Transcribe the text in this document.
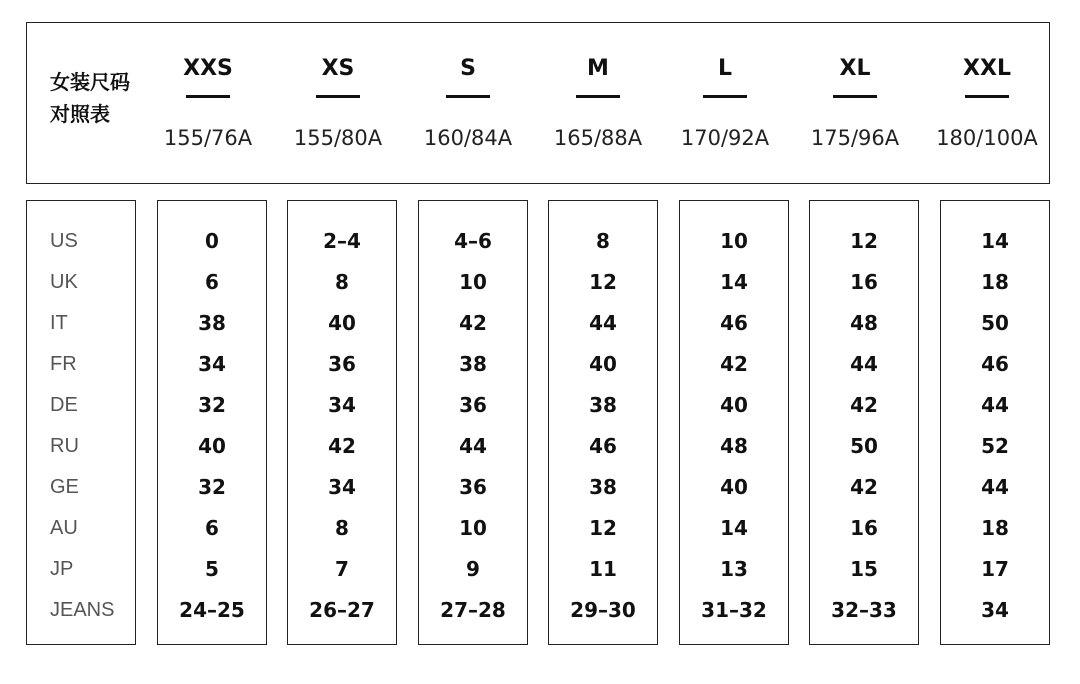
女装尺码
对照表
XXS
155/76A
XS
155/80A
S
160/84A
M
165/88A
L
170/92A
XL
175/96A
XXL
180/100A
US
UK
IT
FR
DE
RU
GE
AU
JP
JEANS
0
6
38
34
32
40
32
6
5
24–25
2–4
8
40
36
34
42
34
8
7
26–27
4–6
10
42
38
36
44
36
10
9
27–28
8
12
44
40
38
46
38
12
11
29–30
10
14
46
42
40
48
40
14
13
31–32
12
16
48
44
42
50
42
16
15
32–33
14
18
50
46
44
52
44
18
17
34
